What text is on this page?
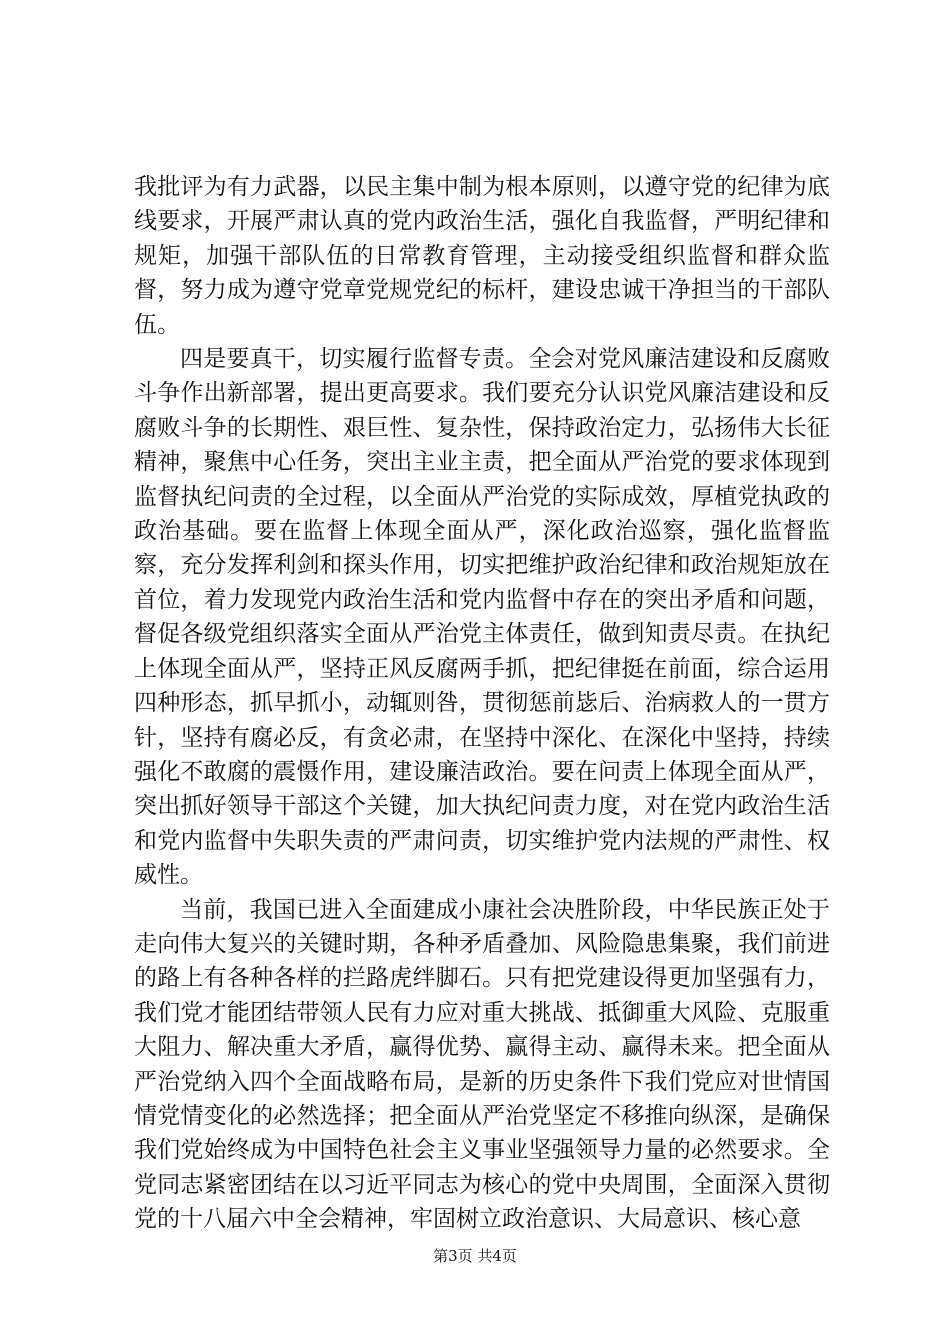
我批评为有力武器，以民主集中制为根本原则，以遵守党的纪律为底线要求，开展严肃认真的党内政治生活，强化自我监督，严明纪律和规矩，加强干部队伍的日常教育管理，主动接受组织监督和群众监督，努力成为遵守党章党规党纪的标杆，建设忠诚干净担当的干部队伍。

四是要真干，切实履行监督专责。全会对党风廉洁建设和反腐败斗争作出新部署，提出更高要求。我们要充分认识党风廉洁建设和反腐败斗争的长期性、艰巨性、复杂性，保持政治定力，弘扬伟大长征精神，聚焦中心任务，突出主业主责，把全面从严治党的要求体现到监督执纪问责的全过程，以全面从严治党的实际成效，厚植党执政的政治基础。要在监督上体现全面从严，深化政治巡察，强化监督监察，充分发挥利剑和探头作用，切实把维护政治纪律和政治规矩放在首位，着力发现党内政治生活和党内监督中存在的突出矛盾和问题，督促各级党组织落实全面从严治党主体责任，做到知责尽责。在执纪上体现全面从严，坚持正风反腐两手抓，把纪律挺在前面，综合运用四种形态，抓早抓小，动辄则咎，贯彻惩前毖后、治病救人的一贯方针，坚持有腐必反，有贪必肃，在坚持中深化、在深化中坚持，持续强化不敢腐的震慑作用，建设廉洁政治。要在问责上体现全面从严，突出抓好领导干部这个关键，加大执纪问责力度，对在党内政治生活和党内监督中失职失责的严肃问责，切实维护党内法规的严肃性、权威性。

当前，我国已进入全面建成小康社会决胜阶段，中华民族正处于走向伟大复兴的关键时期，各种矛盾叠加、风险隐患集聚，我们前进的路上有各种各样的拦路虎绊脚石。只有把党建设得更加坚强有力，我们党才能团结带领人民有力应对重大挑战、抵御重大风险、克服重大阻力、解决重大矛盾，赢得优势、赢得主动、赢得未来。把全面从严治党纳入四个全面战略布局，是新的历史条件下我们党应对世情国情党情变化的必然选择；把全面从严治党坚定不移推向纵深，是确保我们党始终成为中国特色社会主义事业坚强领导力量的必然要求。全党同志紧密团结在以习近平同志为核心的党中央周围，全面深入贯彻党的十八届六中全会精神，牢固树立政治意识、大局意识、核心意

第3页 共4页
